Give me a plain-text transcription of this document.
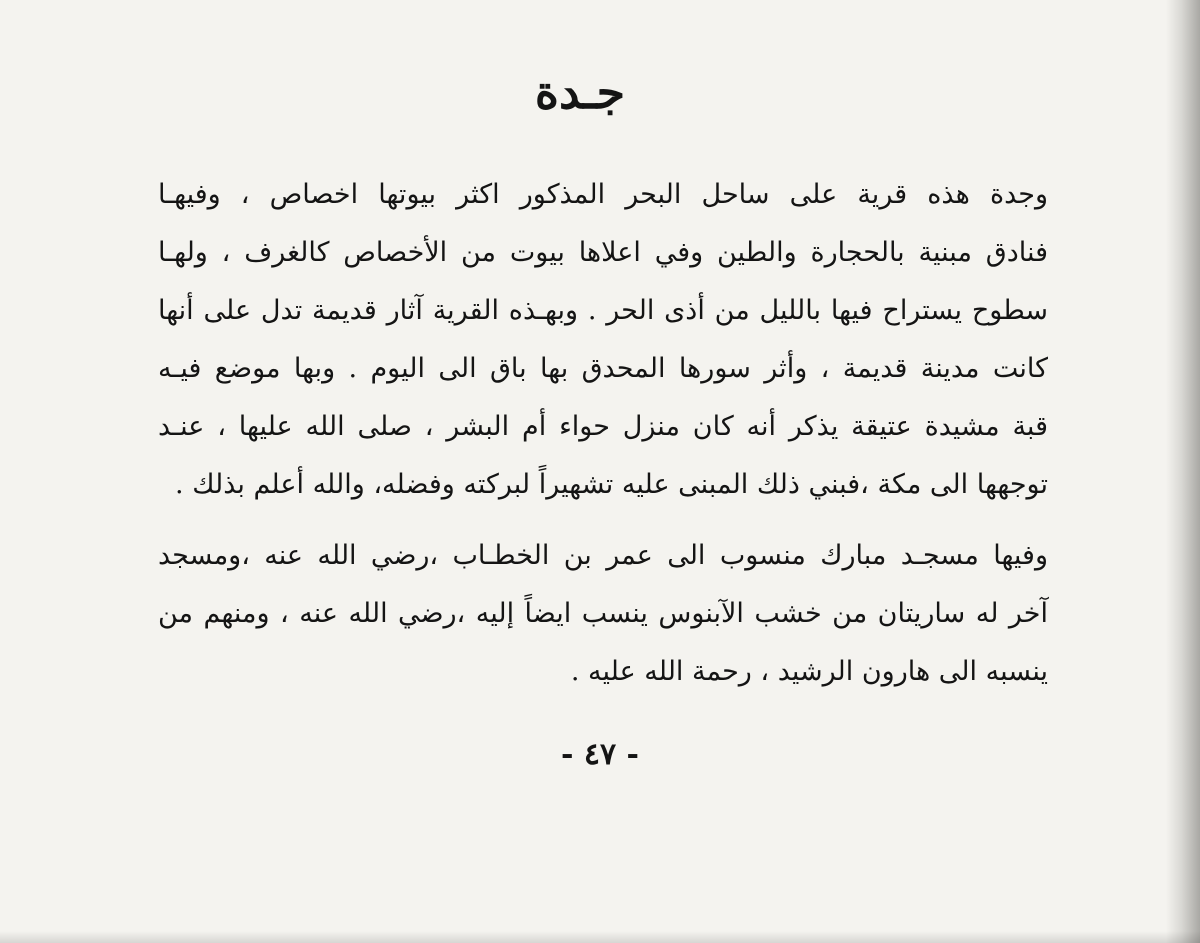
جـدة
وجدة هذه قرية على ساحل البحر المذكور اكثر بيوتها اخصاص ، وفيهـا
فنادق مبنية بالحجارة والطين وفي اعلاها بيوت من الأخصاص كالغرف ، ولهـا
سطوح يستراح فيها بالليل من أذى الحر . وبهـذه القرية آثار قديمة تدل على أنها
كانت مدينة قديمة ، وأثر سورها المحدق بها باق الى اليوم . وبها موضع فيـه
قبة مشيدة عتيقة يذكر أنه كان منزل حواء أم البشر ، صلى الله عليها ، عنـد
توجهها الى مكة ،فبني ذلك المبنى عليه تشهيراً لبركته وفضله، والله أعلم بذلك .
وفيها مسجـد مبارك منسوب الى عمر بن الخطـاب ،رضي الله عنه ،ومسجد
آخر له ساريتان من خشب الآبنوس ينسب ايضاً إليه ،رضي الله عنه ، ومنهم من
ينسبه الى هارون الرشيد ، رحمة الله عليه .
- ٤٧ -
